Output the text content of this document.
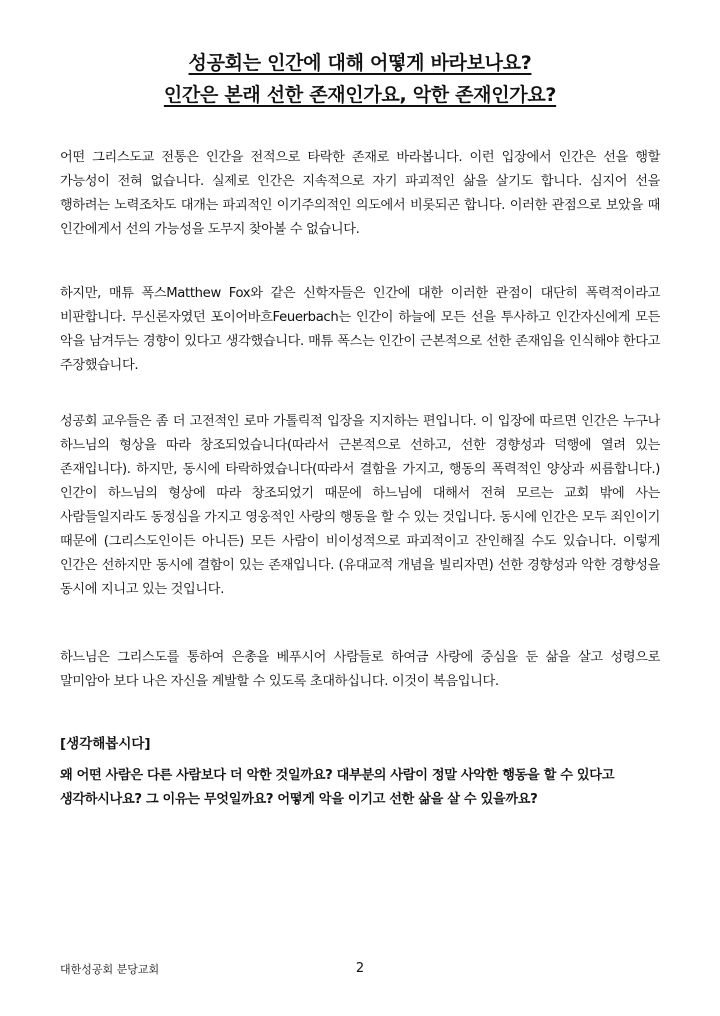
성공회는 인간에 대해 어떻게 바라보나요?
인간은 본래 선한 존재인가요, 악한 존재인가요?

어떤 그리스도교 전통은 인간을 전적으로 타락한 존재로 바라봅니다. 이런 입장에서 인간은 선을 행할 가능성이 전혀 없습니다. 실제로 인간은 지속적으로 자기 파괴적인 삶을 살기도 합니다. 심지어 선을 행하려는 노력조차도 대개는 파괴적인 이기주의적인 의도에서 비롯되곤 합니다. 이러한 관점으로 보았을 때 인간에게서 선의 가능성을 도무지 찾아볼 수 없습니다.

하지만, 매튜 폭스Matthew Fox와 같은 신학자들은 인간에 대한 이러한 관점이 대단히 폭력적이라고 비판합니다. 무신론자였던 포이어바흐Feuerbach는 인간이 하늘에 모든 선을 투사하고 인간자신에게 모든 악을 남겨두는 경향이 있다고 생각했습니다. 매튜 폭스는 인간이 근본적으로 선한 존재임을 인식해야 한다고 주장했습니다.

성공회 교우들은 좀 더 고전적인 로마 가톨릭적 입장을 지지하는 편입니다. 이 입장에 따르면 인간은 누구나 하느님의 형상을 따라 창조되었습니다(따라서 근본적으로 선하고, 선한 경향성과 덕행에 열려 있는 존재입니다). 하지만, 동시에 타락하였습니다(따라서 결함을 가지고, 행동의 폭력적인 양상과 씨름합니다.) 인간이 하느님의 형상에 따라 창조되었기 때문에 하느님에 대해서 전혀 모르는 교회 밖에 사는 사람들일지라도 동정심을 가지고 영웅적인 사랑의 행동을 할 수 있는 것입니다. 동시에 인간은 모두 죄인이기 때문에 (그리스도인이든 아니든) 모든 사람이 비이성적으로 파괴적이고 잔인해질 수도 있습니다. 이렇게 인간은 선하지만 동시에 결함이 있는 존재입니다. (유대교적 개념을 빌리자면) 선한 경향성과 악한 경향성을 동시에 지니고 있는 것입니다.

하느님은 그리스도를 통하여 은총을 베푸시어 사람들로 하여금 사랑에 중심을 둔 삶을 살고 성령으로 말미암아 보다 나은 자신을 계발할 수 있도록 초대하십니다. 이것이 복음입니다.

[생각해봅시다]

왜 어떤 사람은 다른 사람보다 더 악한 것일까요? 대부분의 사람이 정말 사악한 행동을 할 수 있다고 생각하시나요? 그 이유는 무엇일까요? 어떻게 악을 이기고 선한 삶을 살 수 있을까요?

대한성공회 분당교회	2
